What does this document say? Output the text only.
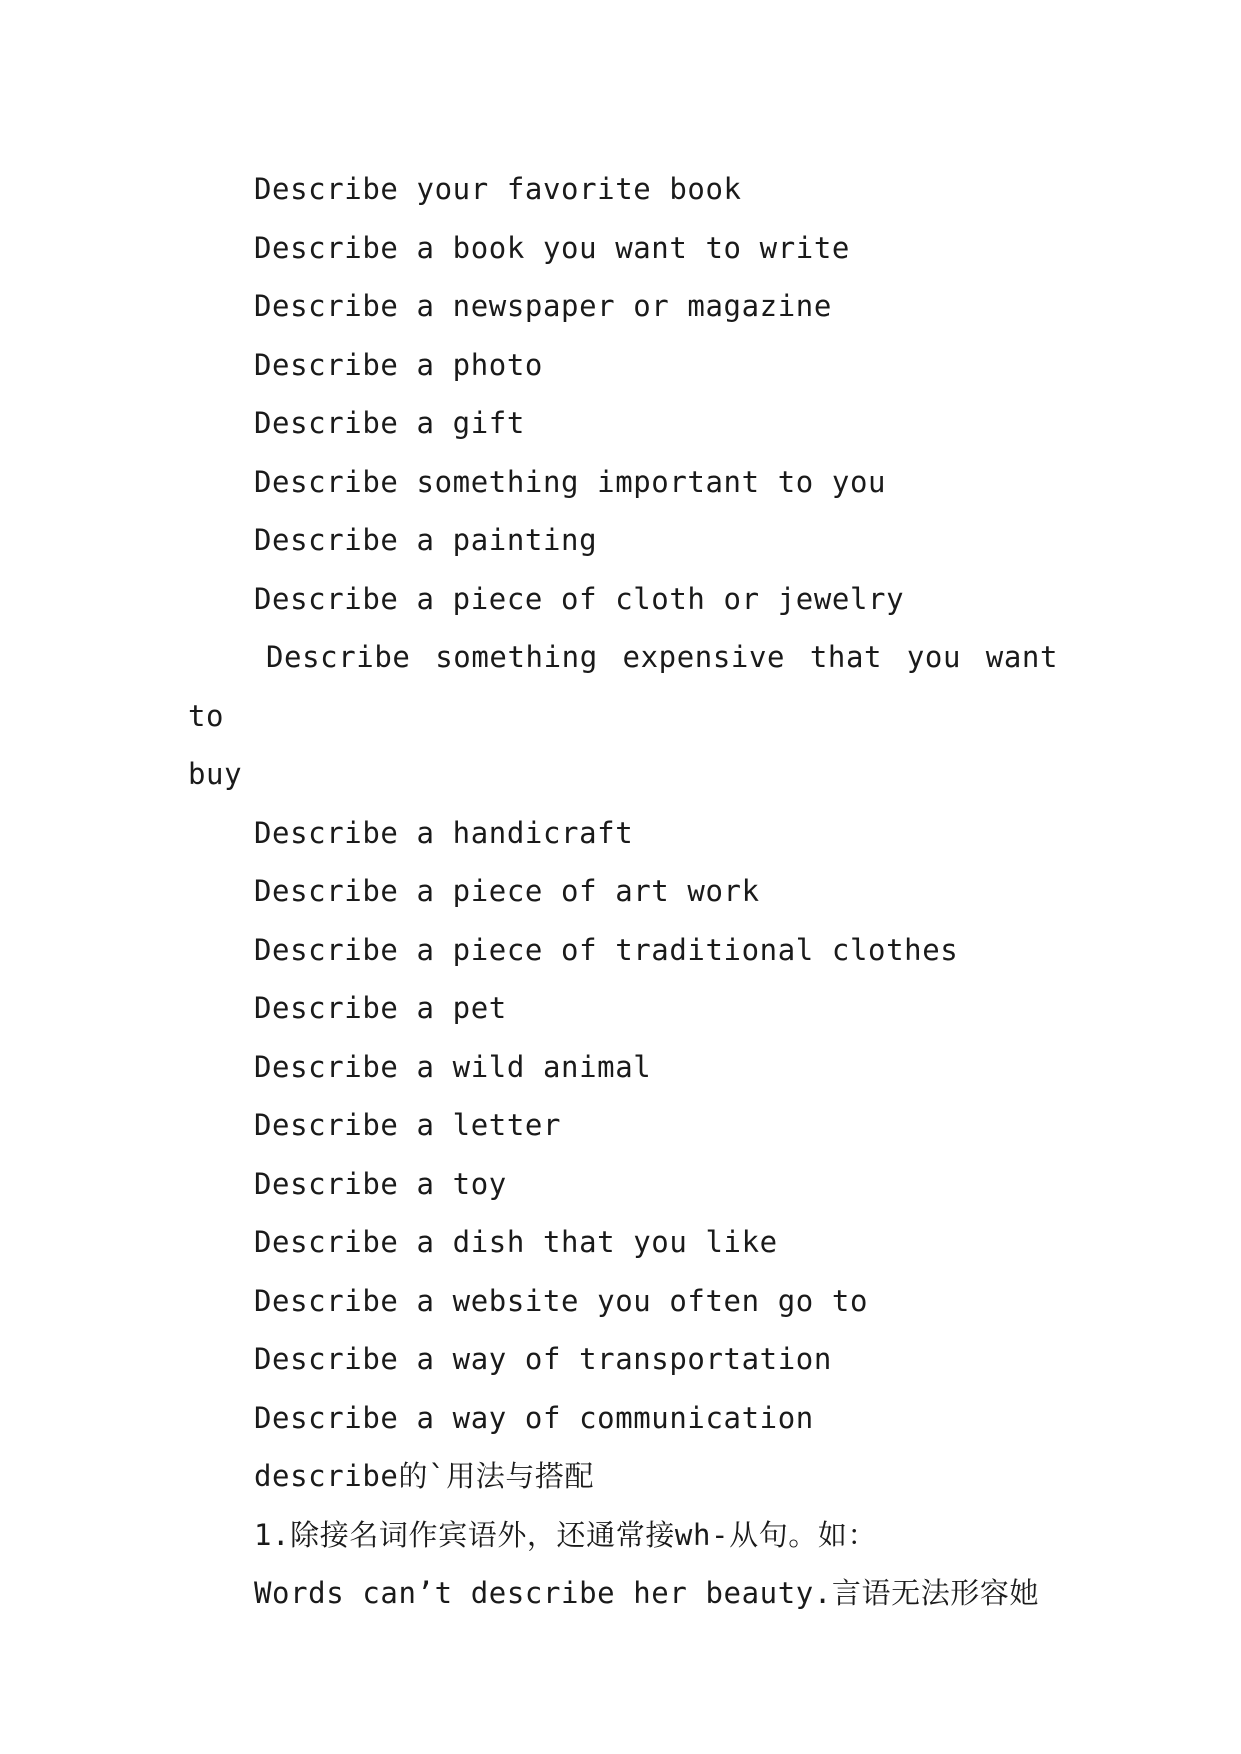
Describe your favorite book
Describe a book you want to write
Describe a newspaper or magazine
Describe a photo
Describe a gift
Describe something important to you
Describe a painting
Describe a piece of cloth or jewelry
Describe something expensive that you want to
buy
Describe a handicraft
Describe a piece of art work
Describe a piece of traditional clothes
Describe a pet
Describe a wild animal
Describe a letter
Describe a toy
Describe a dish that you like
Describe a website you often go to
Describe a way of transportation
Describe a way of communication
describe的`用法与搭配
1.除接名词作宾语外，还通常接wh-从句。如：
Words can’t describe her beauty.言语无法形容她
